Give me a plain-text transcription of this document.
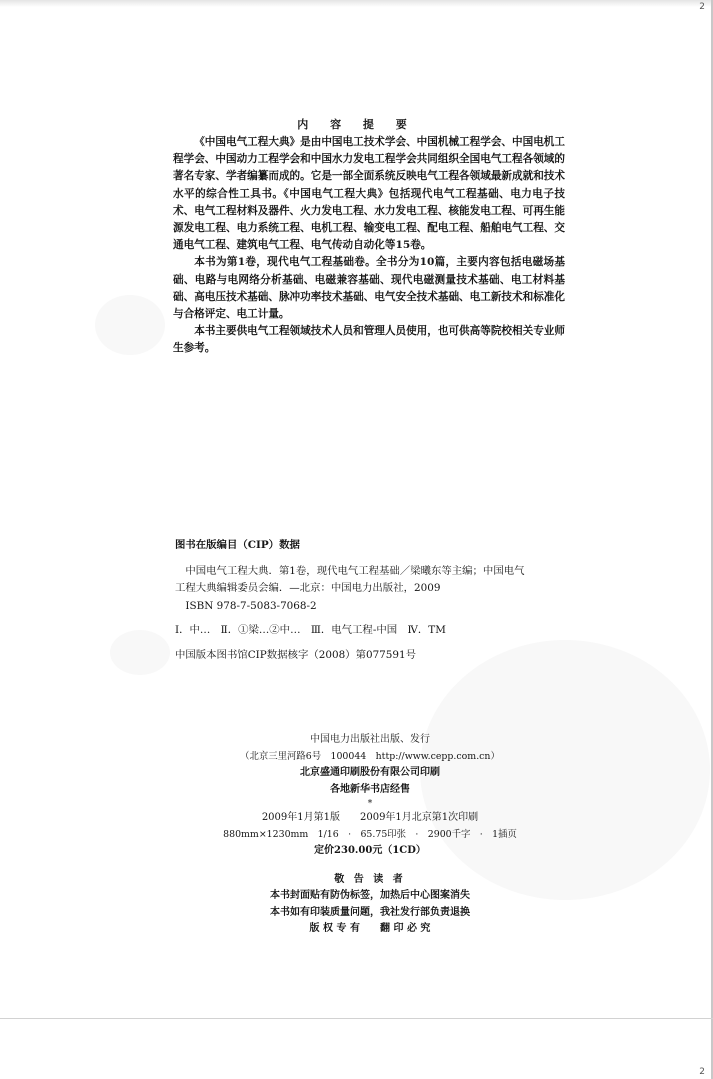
2
2
内 容 提 要

《中国电气工程大典》是由中国电工技术学会、中国机械工程学会、中国电机工程学会、中国动力工程学会和中国水力发电工程学会共同组织全国电气工程各领域的著名专家、学者编纂而成的。它是一部全面系统反映电气工程各领域最新成就和技术水平的综合性工具书。《中国电气工程大典》包括现代电气工程基础、电力电子技术、电气工程材料及器件、火力发电工程、水力发电工程、核能发电工程、可再生能源发电工程、电力系统工程、电机工程、输变电工程、配电工程、船舶电气工程、交通电气工程、建筑电气工程、电气传动自动化等15卷。

本书为第1卷，现代电气工程基础卷。全书分为10篇，主要内容包括电磁场基础、电路与电网络分析基础、电磁兼容基础、现代电磁测量技术基础、电工材料基础、高电压技术基础、脉冲功率技术基础、电气安全技术基础、电工新技术和标准化与合格评定、电工计量。

本书主要供电气工程领域技术人员和管理人员使用，也可供高等院校相关专业师生参考。

图书在版编目（CIP）数据

中国电气工程大典．第1卷，现代电气工程基础／梁曦东等主编；中国电气

工程大典编辑委员会编．—北京：中国电力出版社，2009

ISBN 978-7-5083-7068-2

Ⅰ．中…　Ⅱ．①梁…②中…　Ⅲ．电气工程-中国　Ⅳ．TM

中国版本图书馆CIP数据核字（2008）第077591号

中国电力出版社出版、发行

（北京三里河路6号　100044　http://www.cepp.com.cn）

北京盛通印刷股份有限公司印刷

各地新华书店经售

*

2009年1月第1版　　2009年1月北京第1次印刷

880mm×1230mm　1/16　·　65.75印张　·　2900千字　·　1插页

定价230.00元（1CD）

敬 告 读 者

本书封面贴有防伪标签，加热后中心图案消失

本书如有印装质量问题，我社发行部负责退换

版 权 专 有　　翻 印 必 究
